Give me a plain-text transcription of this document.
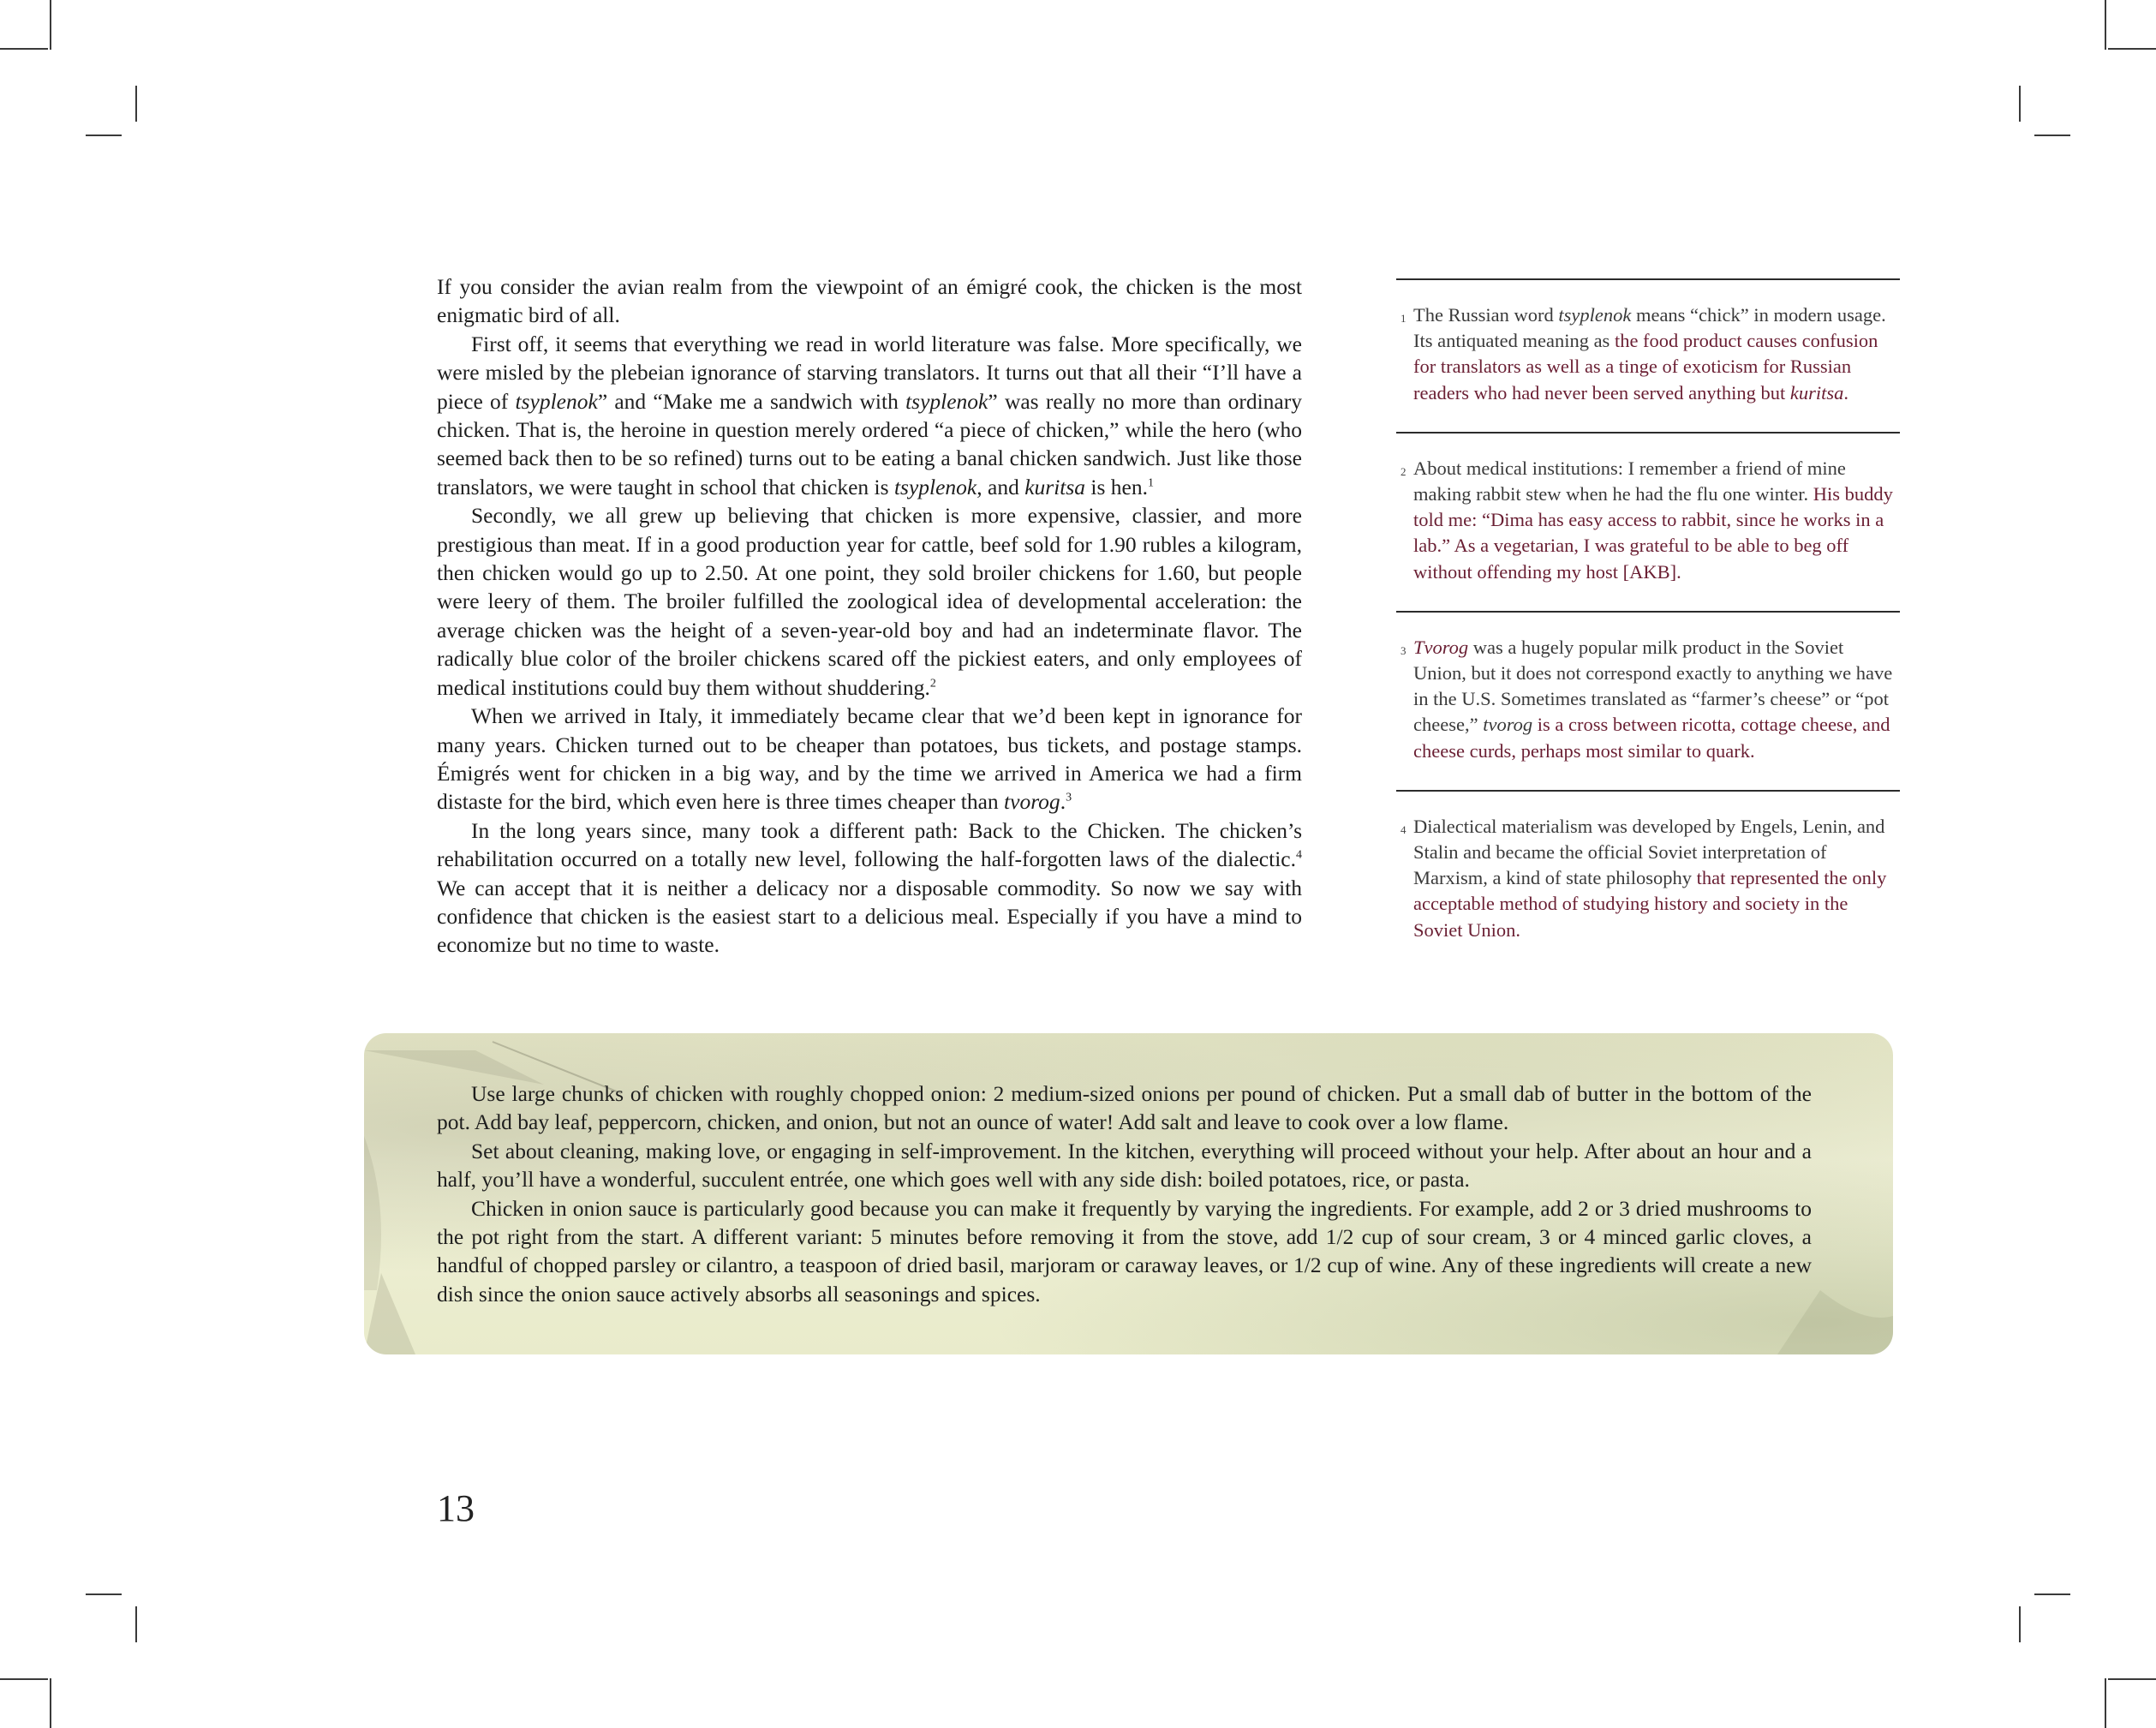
If you consider the avian realm from the viewpoint of an émigré cook, the chicken is the most enigmatic bird of all.

First off, it seems that everything we read in world literature was false. More specifically, we were misled by the plebeian ignorance of starving translators. It turns out that all their “I’ll have a piece of tsyplenok” and “Make me a sandwich with tsyplenok” was really no more than ordinary chicken. That is, the heroine in question merely ordered “a piece of chicken,” while the hero (who seemed back then to be so refined) turns out to be eating a banal chicken sandwich. Just like those translators, we were taught in school that chicken is tsyplenok, and kuritsa is hen.$^1$

Secondly, we all grew up believing that chicken is more expensive, classier, and more prestigious than meat. If in a good production year for cattle, beef sold for 1.90 rubles a kilogram, then chicken would go up to 2.50. At one point, they sold broiler chickens for 1.60, but people were leery of them. The broiler fulfilled the zoological idea of developmental acceleration: the average chicken was the height of a seven-year-old boy and had an indeterminate flavor. The radically blue color of the broiler chickens scared off the pickiest eaters, and only employees of medical institutions could buy them without shuddering.$^2$

When we arrived in Italy, it immediately became clear that we’d been kept in ignorance for many years. Chicken turned out to be cheaper than potatoes, bus tickets, and postage stamps. Émigrés went for chicken in a big way, and by the time we arrived in America we had a firm distaste for the bird, which even here is three times cheaper than tvorog.$^3$

In the long years since, many took a different path: Back to the Chicken. The chicken’s rehabilitation occurred on a totally new level, following the half-forgotten laws of the dialectic.$^4$ We can accept that it is neither a delicacy nor a disposable commodity. So now we say with confidence that chicken is the easiest start to a delicious meal. Especially if you have a mind to economize but no time to waste.

1 The Russian word tsyplenok means “chick” in modern usage. Its antiquated meaning as the food product causes confusion for translators as well as a tinge of exoticism for Russian readers who had never been served anything but kuritsa.
2 About medical institutions: I remember a friend of mine making rabbit stew when he had the flu one winter. His buddy told me: “Dima has easy access to rabbit, since he works in a lab.” As a vegetarian, I was grateful to be able to beg off without offending my host [AKB].
3 Tvorog was a hugely popular milk product in the Soviet Union, but it does not correspond exactly to anything we have in the U.S. Sometimes translated as “farmer’s cheese” or “pot cheese,” tvorog is a cross between ricotta, cottage cheese, and cheese curds, perhaps most similar to quark.
4 Dialectical materialism was developed by Engels, Lenin, and Stalin and became the official Soviet interpretation of Marxism, a kind of state philosophy that represented the only acceptable method of studying history and society in the Soviet Union.

Use large chunks of chicken with roughly chopped onion: 2 medium-sized onions per pound of chicken. Put a small dab of butter in the bottom of the pot. Add bay leaf, peppercorn, chicken, and onion, but not an ounce of water! Add salt and leave to cook over a low flame.

Set about cleaning, making love, or engaging in self-improvement. In the kitchen, everything will proceed without your help. After about an hour and a half, you’ll have a wonderful, succulent entrée, one which goes well with any side dish: boiled potatoes, rice, or pasta.

Chicken in onion sauce is particularly good because you can make it frequently by varying the ingredients. For example, add 2 or 3 dried mushrooms to the pot right from the start. A different variant: 5 minutes before removing it from the stove, add 1/2 cup of sour cream, 3 or 4 minced garlic cloves, a handful of chopped parsley or cilantro, a teaspoon of dried basil, marjoram or caraway leaves, or 1/2 cup of wine. Any of these ingredients will create a new dish since the onion sauce actively absorbs all seasonings and spices.

13
